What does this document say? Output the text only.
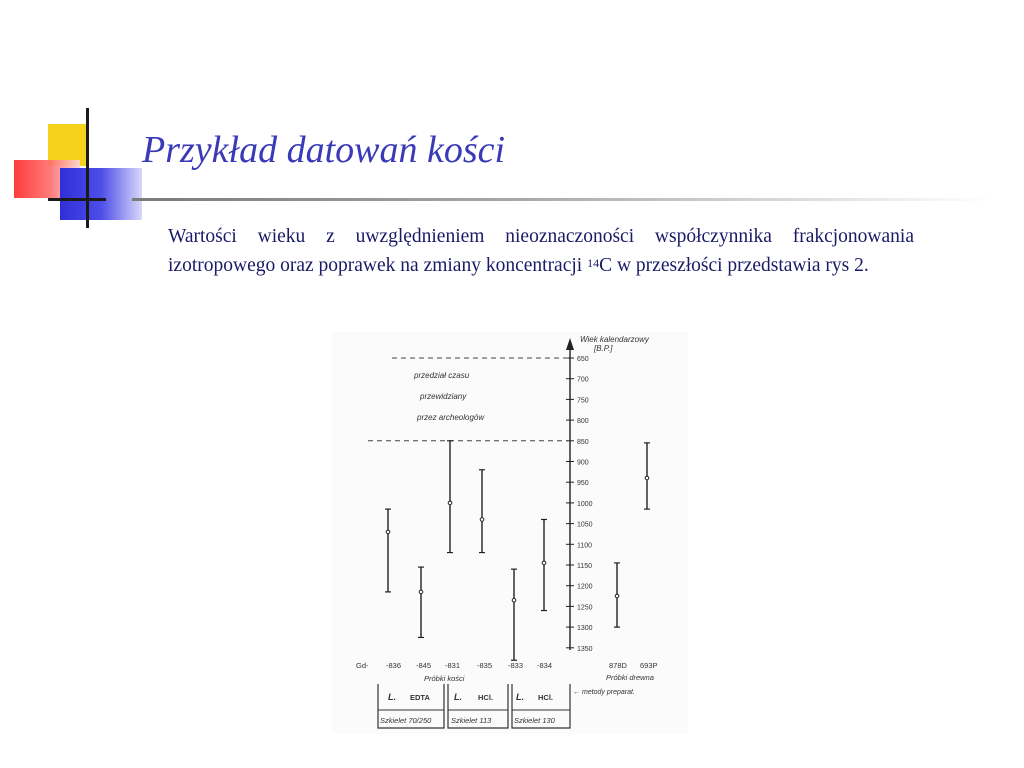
Przykład datowań kości

Wartości wieku z uwzględnieniem nieoznaczoności współczynnika frakcjonowania izotropowego oraz poprawek na zmiany koncentracji $^{14}$C w przeszłości przedstawia rys 2.

Wiek kalendarzowy
[B.P.]
650
700
750
800
850
900
950
1000
1050
1100
1150
1200
1250
1300
1350
przedział czasu
przewidziany
przez archeologów
Gd- -836 -845 -831 -835 -833 -834	878D 693P
Próbki kości	Próbki drewna
L. EDTA
Szkielet 70/250
L. HCl.
Szkielet 113
L. HCl.
Szkielet 130
← metody preparat.
